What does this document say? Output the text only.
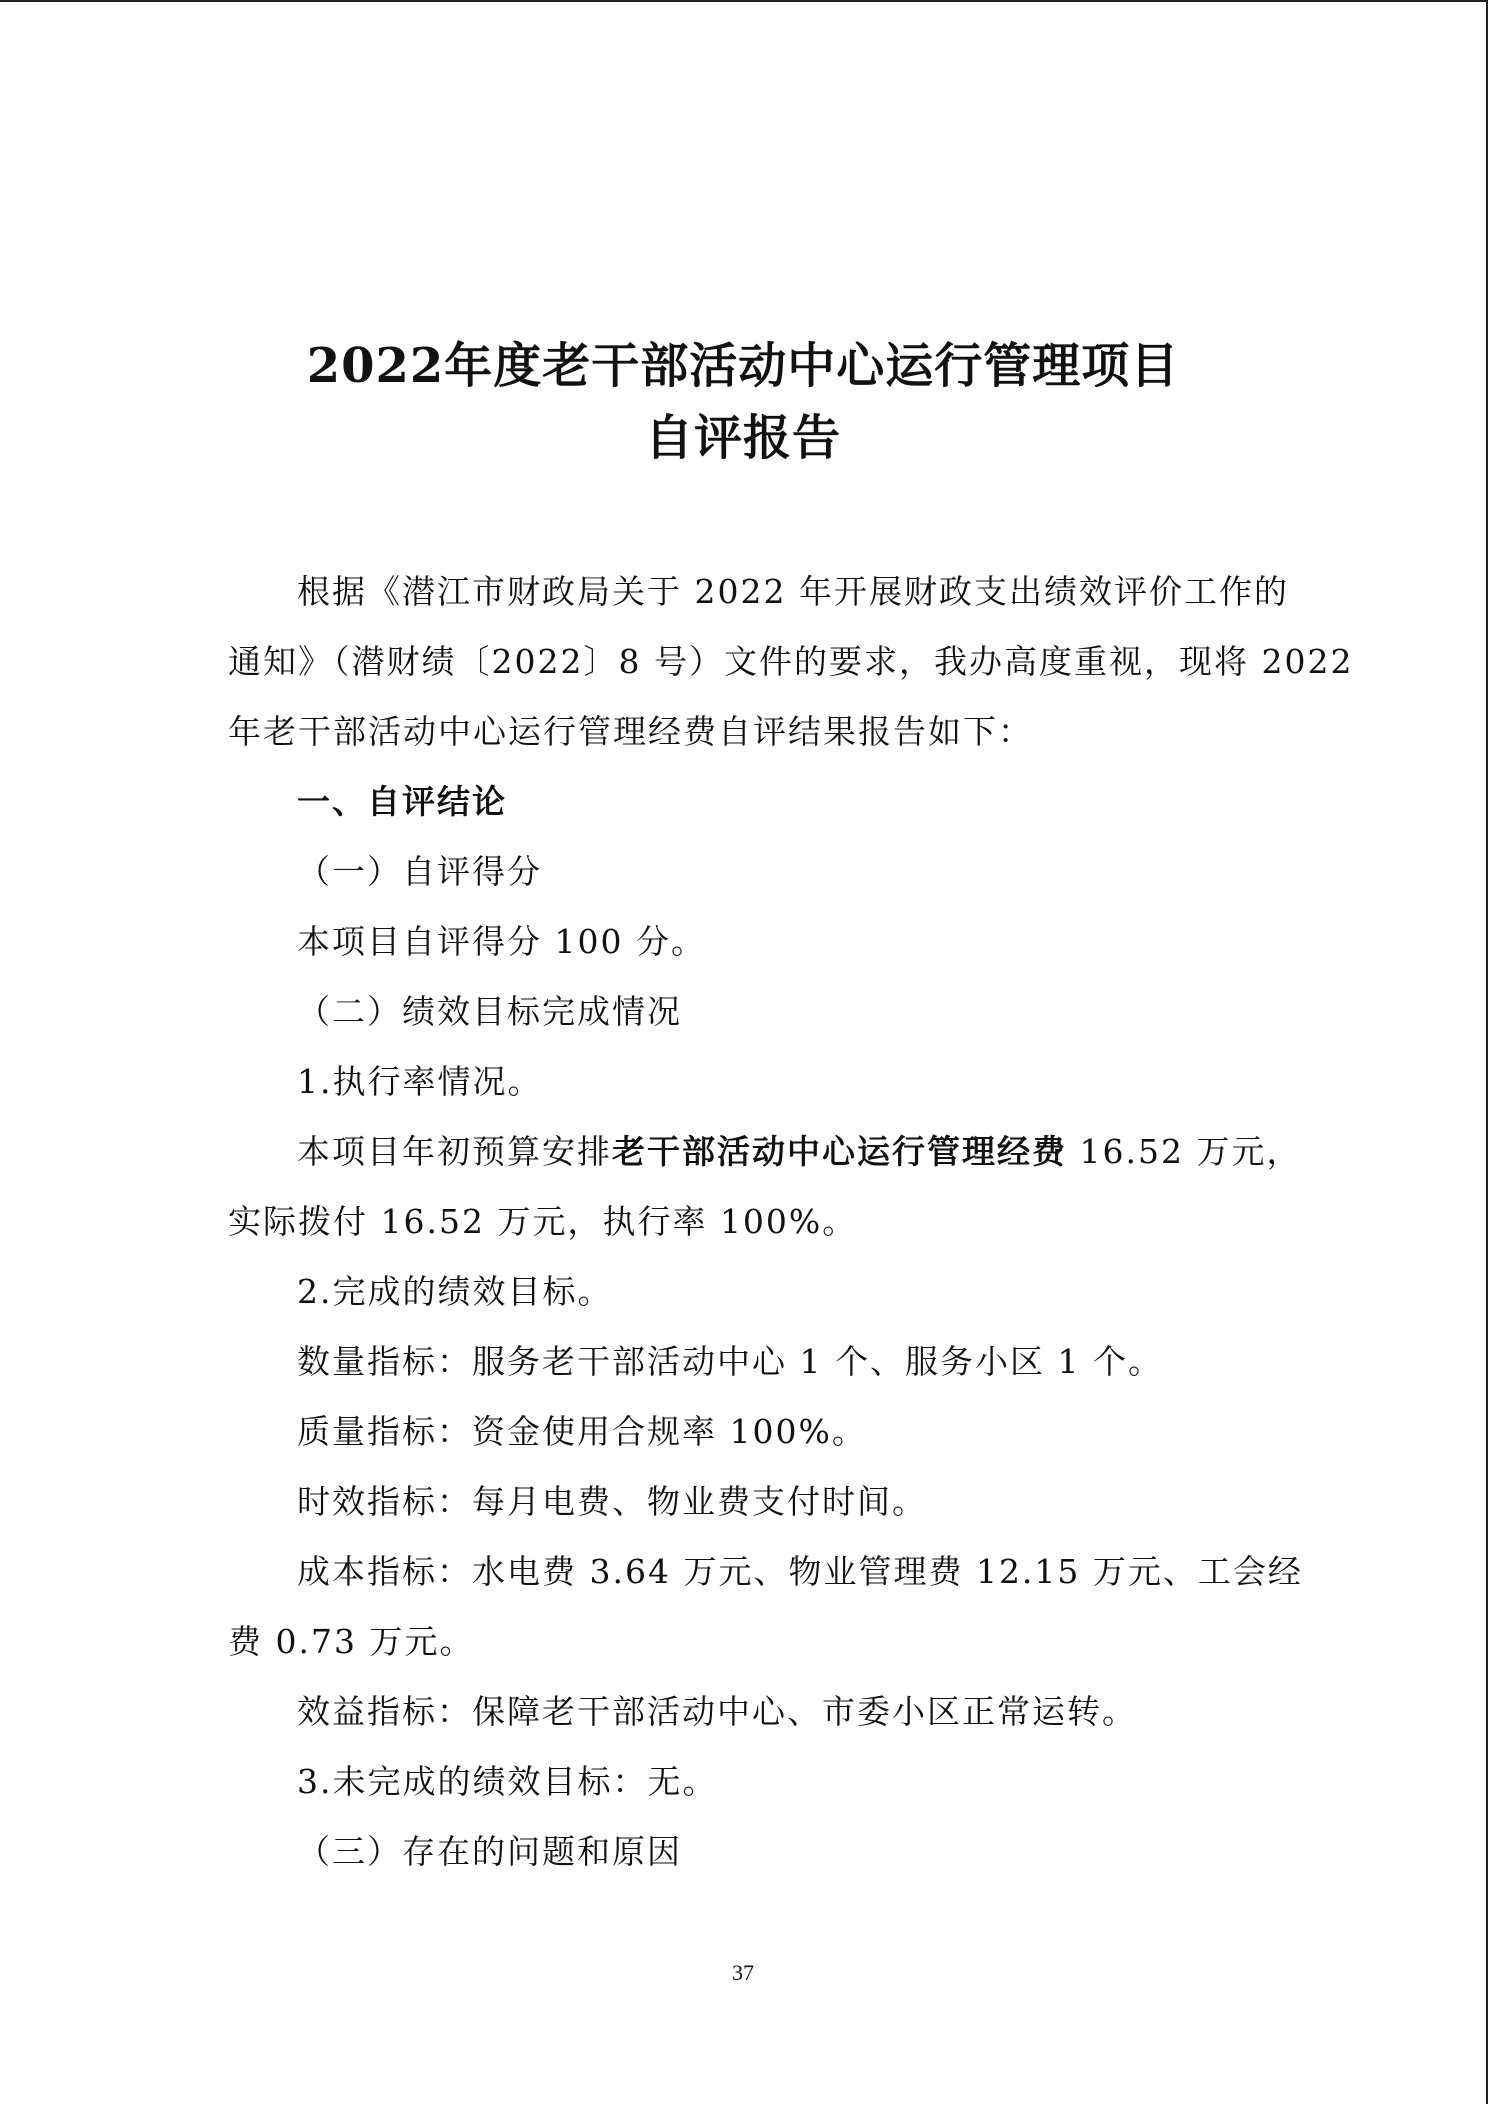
2022年度老干部活动中心运行管理项目
自评报告
根据《潜江市财政局关于 2022 年开展财政支出绩效评价工作的
通知》（潜财绩〔2022〕8 号）文件的要求，我办高度重视，现将 2022
年老干部活动中心运行管理经费自评结果报告如下：
一、自评结论
（一）自评得分
本项目自评得分 100 分。
（二）绩效目标完成情况
1.执行率情况。
本项目年初预算安排老干部活动中心运行管理经费 16.52 万元，
实际拨付 16.52 万元，执行率 100%。
2.完成的绩效目标。
数量指标：服务老干部活动中心 1 个、服务小区 1 个。
质量指标：资金使用合规率 100%。
时效指标：每月电费、物业费支付时间。
成本指标：水电费 3.64 万元、物业管理费 12.15 万元、工会经
费 0.73 万元。
效益指标：保障老干部活动中心、市委小区正常运转。
3.未完成的绩效目标：无。
（三）存在的问题和原因
37
